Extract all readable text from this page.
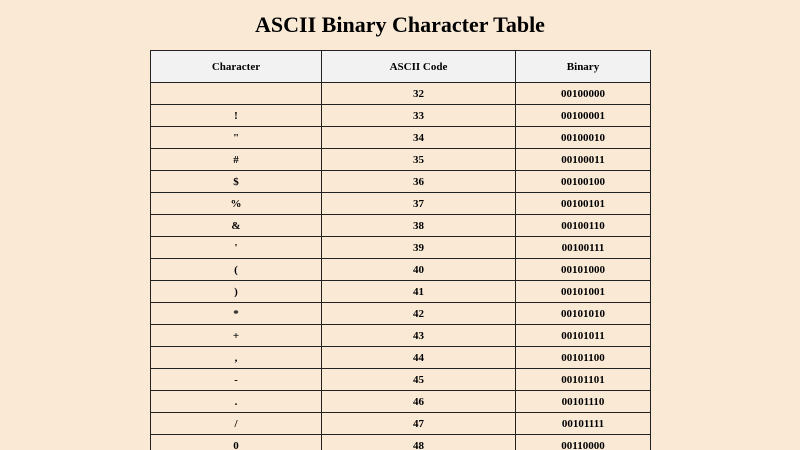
ASCII Binary Character Table
Character	ASCII Code	Binary
	32	00100000
!	33	00100001
"	34	00100010
#	35	00100011
$	36	00100100
%	37	00100101
&	38	00100110
'	39	00100111
(	40	00101000
)	41	00101001
*	42	00101010
+	43	00101011
,	44	00101100
-	45	00101101
.	46	00101110
/	47	00101111
0	48	00110000
